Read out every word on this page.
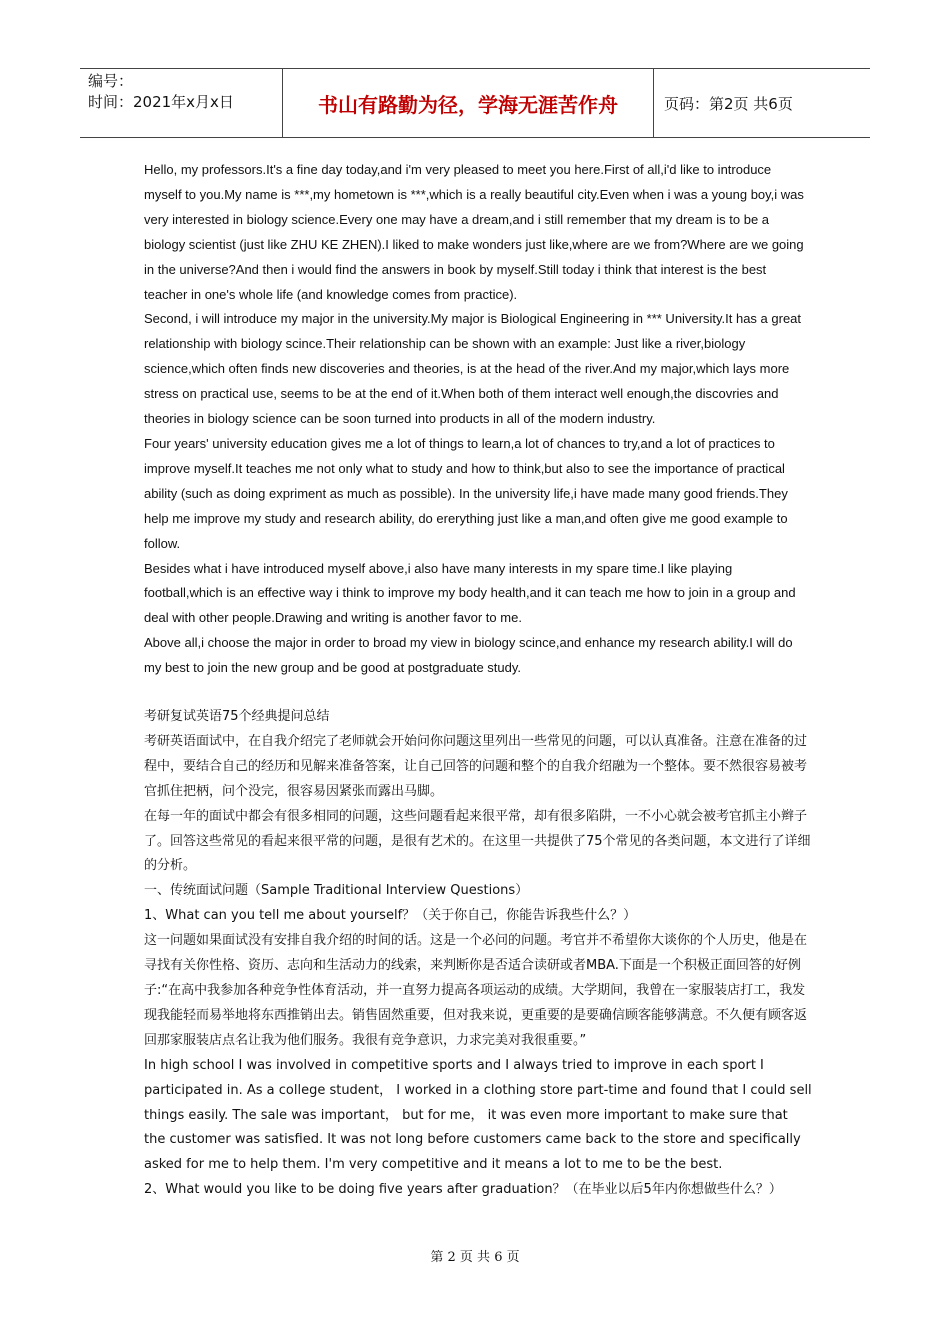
编号：
时间：2021年x月x日	书山有路勤为径，学海无涯苦作舟	页码：第2页 共6页

Hello, my professors.It's a fine day today,and i'm very pleased to meet you here.First of all,i'd like to introduce myself to you.My name is ***,my hometown is ***,which is a really beautiful city.Even when i was a young boy,i was very interested in biology science.Every one may have a dream,and i still remember that my dream is to be a biology scientist (just like ZHU KE ZHEN).I liked to make wonders just like,where are we from?Where are we going in the universe?And then i would find the answers in book by myself.Still today i think that interest is the best teacher in one's whole life (and knowledge comes from practice).

Second, i will introduce my major in the university.My major is Biological Engineering in *** University.It has a great relationship with biology scince.Their relationship can be shown with an example: Just like a river,biology science,which often finds new discoveries and theories, is at the head of the river.And my major,which lays more stress on practical use, seems to be at the end of it.When both of them interact well enough,the discovries and theories in biology science can be soon turned into products in all of the modern industry.

Four years' university education gives me a lot of things to learn,a lot of chances to try,and a lot of practices to improve myself.It teaches me not only what to study and how to think,but also to see the importance of practical ability (such as doing expriment as much as possible). In the university life,i have made many good friends.They help me improve my study and research ability, do ererything just like a man,and often give me good example to follow.

Besides what i have introduced myself above,i also have many interests in my spare time.I like playing football,which is an effective way i think to improve my body health,and it can teach me how to join in a group and deal with other people.Drawing and writing is another favor to me.

Above all,i choose the major in order to broad my view in biology scince,and enhance my research ability.I will do my best to join the new group and be good at postgraduate study.

考研复试英语75个经典提问总结

考研英语面试中，在自我介绍完了老师就会开始问你问题这里列出一些常见的问题，可以认真准备。注意在准备的过程中，要结合自己的经历和见解来准备答案，让自己回答的问题和整个的自我介绍融为一个整体。要不然很容易被考官抓住把柄，问个没完，很容易因紧张而露出马脚。

在每一年的面试中都会有很多相同的问题，这些问题看起来很平常，却有很多陷阱，一不小心就会被考官抓主小辫子了。回答这些常见的看起来很平常的问题，是很有艺术的。在这里一共提供了75个常见的各类问题，本文进行了详细的分析。

一、传统面试问题（Sample Traditional Interview Questions）

1、What can you tell me about yourself？（关于你自己，你能告诉我些什么？）

这一问题如果面试没有安排自我介绍的时间的话。这是一个必问的问题。考官并不希望你大谈你的个人历史，他是在寻找有关你性格、资历、志向和生活动力的线索，来判断你是否适合读研或者MBA.下面是一个积极正面回答的好例子:“在高中我参加各种竞争性体育活动，并一直努力提高各项运动的成绩。大学期间，我曾在一家服装店打工，我发现我能轻而易举地将东西推销出去。销售固然重要，但对我来说，更重要的是要确信顾客能够满意。不久便有顾客返回那家服装店点名让我为他们服务。我很有竞争意识，力求完美对我很重要。”

In high school I was involved in competitive sports and I always tried to improve in each sport I participated in. As a college student， I worked in a clothing store part-time and found that I could sell things easily. The sale was important， but for me， it was even more important to make sure that the customer was satisfied. It was not long before customers came back to the store and specifically asked for me to help them. I'm very competitive and it means a lot to me to be the best.

2、What would you like to be doing five years after graduation？（在毕业以后5年内你想做些什么？）

第 2 页 共 6 页
